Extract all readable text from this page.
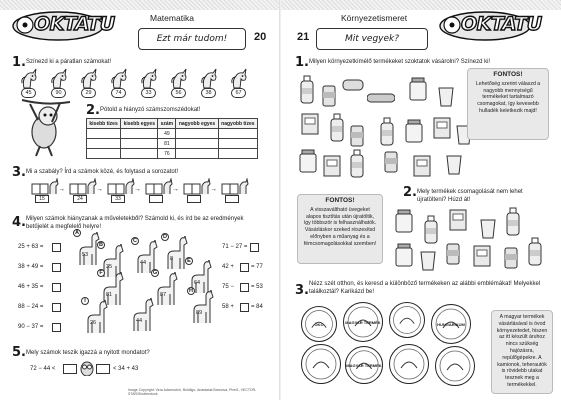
OKTATU	Matematika
Ezt már tudom!	20
1. Színezd ki a páratlan számokat!
45	90	29	74	33	56	38	67
2. Pótold a hiányzó számszomszédokat!
kisebb tízes	kisebb egyes	szám	nagyobb egyes	nagyobb tízes
		49		
		81		
		76		
3. Mi a szabály? Írd a számok közé, és folytasd a sorozatot!
15
→
24
→
33
→	→	→
4. Milyen számok hiányzanak a műveletekből? Számold ki, és írd be az eredmények betűjelét a megfelelő helyre!
25 + 63 =
38 + 49 =
46 + 35 =
88 − 24 =
90 − 37 =
71 − 27 =
42 +	= 77
75 −	= 53
58 +	= 84
A
53
B
35
C
44
D
8	E
64
F
81
G
87
H
89
I
26	44
5. Mely számok teszik igazzá a nyitott mondatot?
72 − 44 <	< 34 + 43
Image Copyright: Vera Adamovich, Bulldigo, Anastasia Bannova, Pixel1, VECTOR-STAR/Shutterstock
Környezetismeret
21	Mit vegyek?
OKTATU
1. Milyen környezetkímélő termékeket szoktatok vásárolni? Színezd ki!
FONTOS!
Lehetőség szerint válaszd a nagyobb mennyiségű termékeket tartalmazó csomagokat, így kevesebb hulladék keletkezik majd!
FONTOS!
A visszaváltható üvegeket alapos tisztítás után újratöltik, így többször is felhasználhatók. Vásárláskor szeked részesítsd előnyben a műanyag és a fémcsomagolásokkal szemben!
2. Mely termékek csomagolását nem lehet újratölteni? Húzd át!
3. Nézz szét otthon, és keresd a különböző termékeken az alábbi emblémákat! Melyekkel találkoztál? Karikázd be!
ÖKO	MAGYAR TERMÉK	HUNGARIKUM
MAGYAR TERMÉK
A magyar termékek vásárlásával is óvod környezetedet, hiszen az itt készült áruhoz nincs szükség hajózásra, repülőgépekre. A kamionok, teherautók is rövidebb utakat tesznek meg a termékekkel.
